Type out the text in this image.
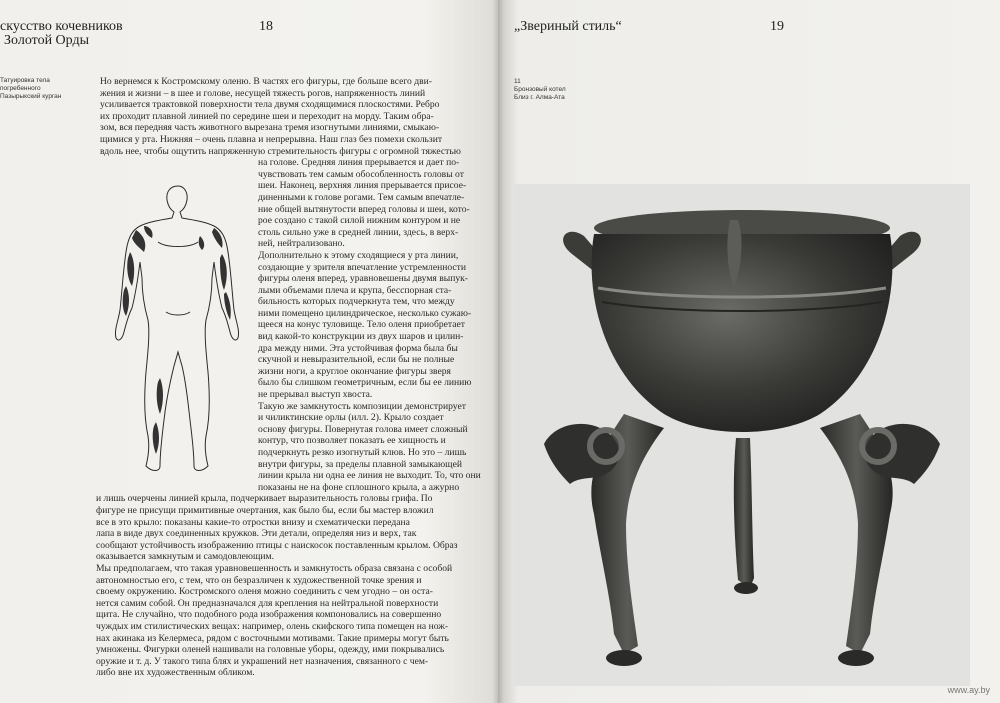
скусство кочевников
Золотой Орды
18	„Звериный стиль“	19
Татуировка тела
погребенного
Пазырыкский курган
11
Бронзовый котел
Близ г. Алма-Ата
Но вернемся к Костромскому оленю. В частях его фигуры, где больше всего дви-
жения и жизни – в шее и голове, несущей тяжесть рогов, напряженность линий
усиливается трактовкой поверхности тела двумя сходящимися плоскостями. Ребро
их проходит плавной линией по середине шеи и переходит на морду. Таким обра-
зом, вся передняя часть животного вырезана тремя изогнутыми линиями, смыкаю-
щимися у рта. Нижняя – очень плавна и непрерывна. Наш глаз без помехи скользит
вдоль нее, чтобы ощутить напряженную стремительность фигуры с огромной тяжестью
на голове. Средняя линия прерывается и дает по-
чувствовать тем самым обособленность головы от
шеи. Наконец, верхняя линия прерывается присое-
диненными к голове рогами. Тем самым впечатле-
ние общей вытянутости вперед головы и шеи, кото-
рое создано с такой силой нижним контуром и не
столь сильно уже в средней линии, здесь, в верх-
ней, нейтрализовано.
Дополнительно к этому сходящиеся у рта линии,
создающие у зрителя впечатление устремленности
фигуры оленя вперед, уравновешены двумя выпук-
лыми объемами плеча и крупа, бесспорная ста-
бильность которых подчеркнута тем, что между
ними помещено цилиндрическое, несколько сужаю-
щееся на конус туловище. Тело оленя приобретает
вид какой-то конструкции из двух шаров и цилин-
дра между ними. Эта устойчивая форма была бы
скучной и невыразительной, если бы не полные
жизни ноги, а круглое окончание фигуры зверя
было бы слишком геометричным, если бы ее линию
не прерывал выступ хвоста.
Такую же замкнутость композиции демонстрирует
и чиликтинские орлы (илл. 2). Крыло создает
основу фигуры. Повернутая голова имеет сложный
контур, что позволяет показать ее хищность и
подчеркнуть резко изогнутый клюв. Но это – лишь
внутри фигуры, за пределы плавной замыкающей
линии крыла ни одна ее линия не выходит. То, что они
показаны не на фоне сплошного крыла, а ажурно
и лишь очерчены линией крыла, подчеркивает выразительность головы грифа. По
фигуре не присущи примитивные очертания, как было бы, если бы мастер вложил
все в это крыло: показаны какие-то отростки внизу и схематически передана
лапа в виде двух соединенных кружков. Эти детали, определяя низ и верх, так
сообщают устойчивость изображению птицы с наискосок поставленным крылом. Образ
оказывается замкнутым и самодовлеющим.
Мы предполагаем, что такая уравновешенность и замкнутость образа связана с особой
автономностью его, с тем, что он безразличен к художественной точке зрения и
своему окружению. Костромского оленя можно соединить с чем угодно – он оста-
нется самим собой. Он предназначался для крепления на нейтральной поверхности
щита. Не случайно, что подобного рода изображения компоновались на совершенно
чуждых им стилистических вещах: например, олень скифского типа помещен на нож-
нах акинака из Келермеса, рядом с восточными мотивами. Такие примеры могут быть
умножены. Фигурки оленей нашивали на головные уборы, одежду, ими покрывались
оружие и т. д. У такого типа блях и украшений нет назначения, связанного с чем-
либо вне их художественным обликом.
www.ay.by
